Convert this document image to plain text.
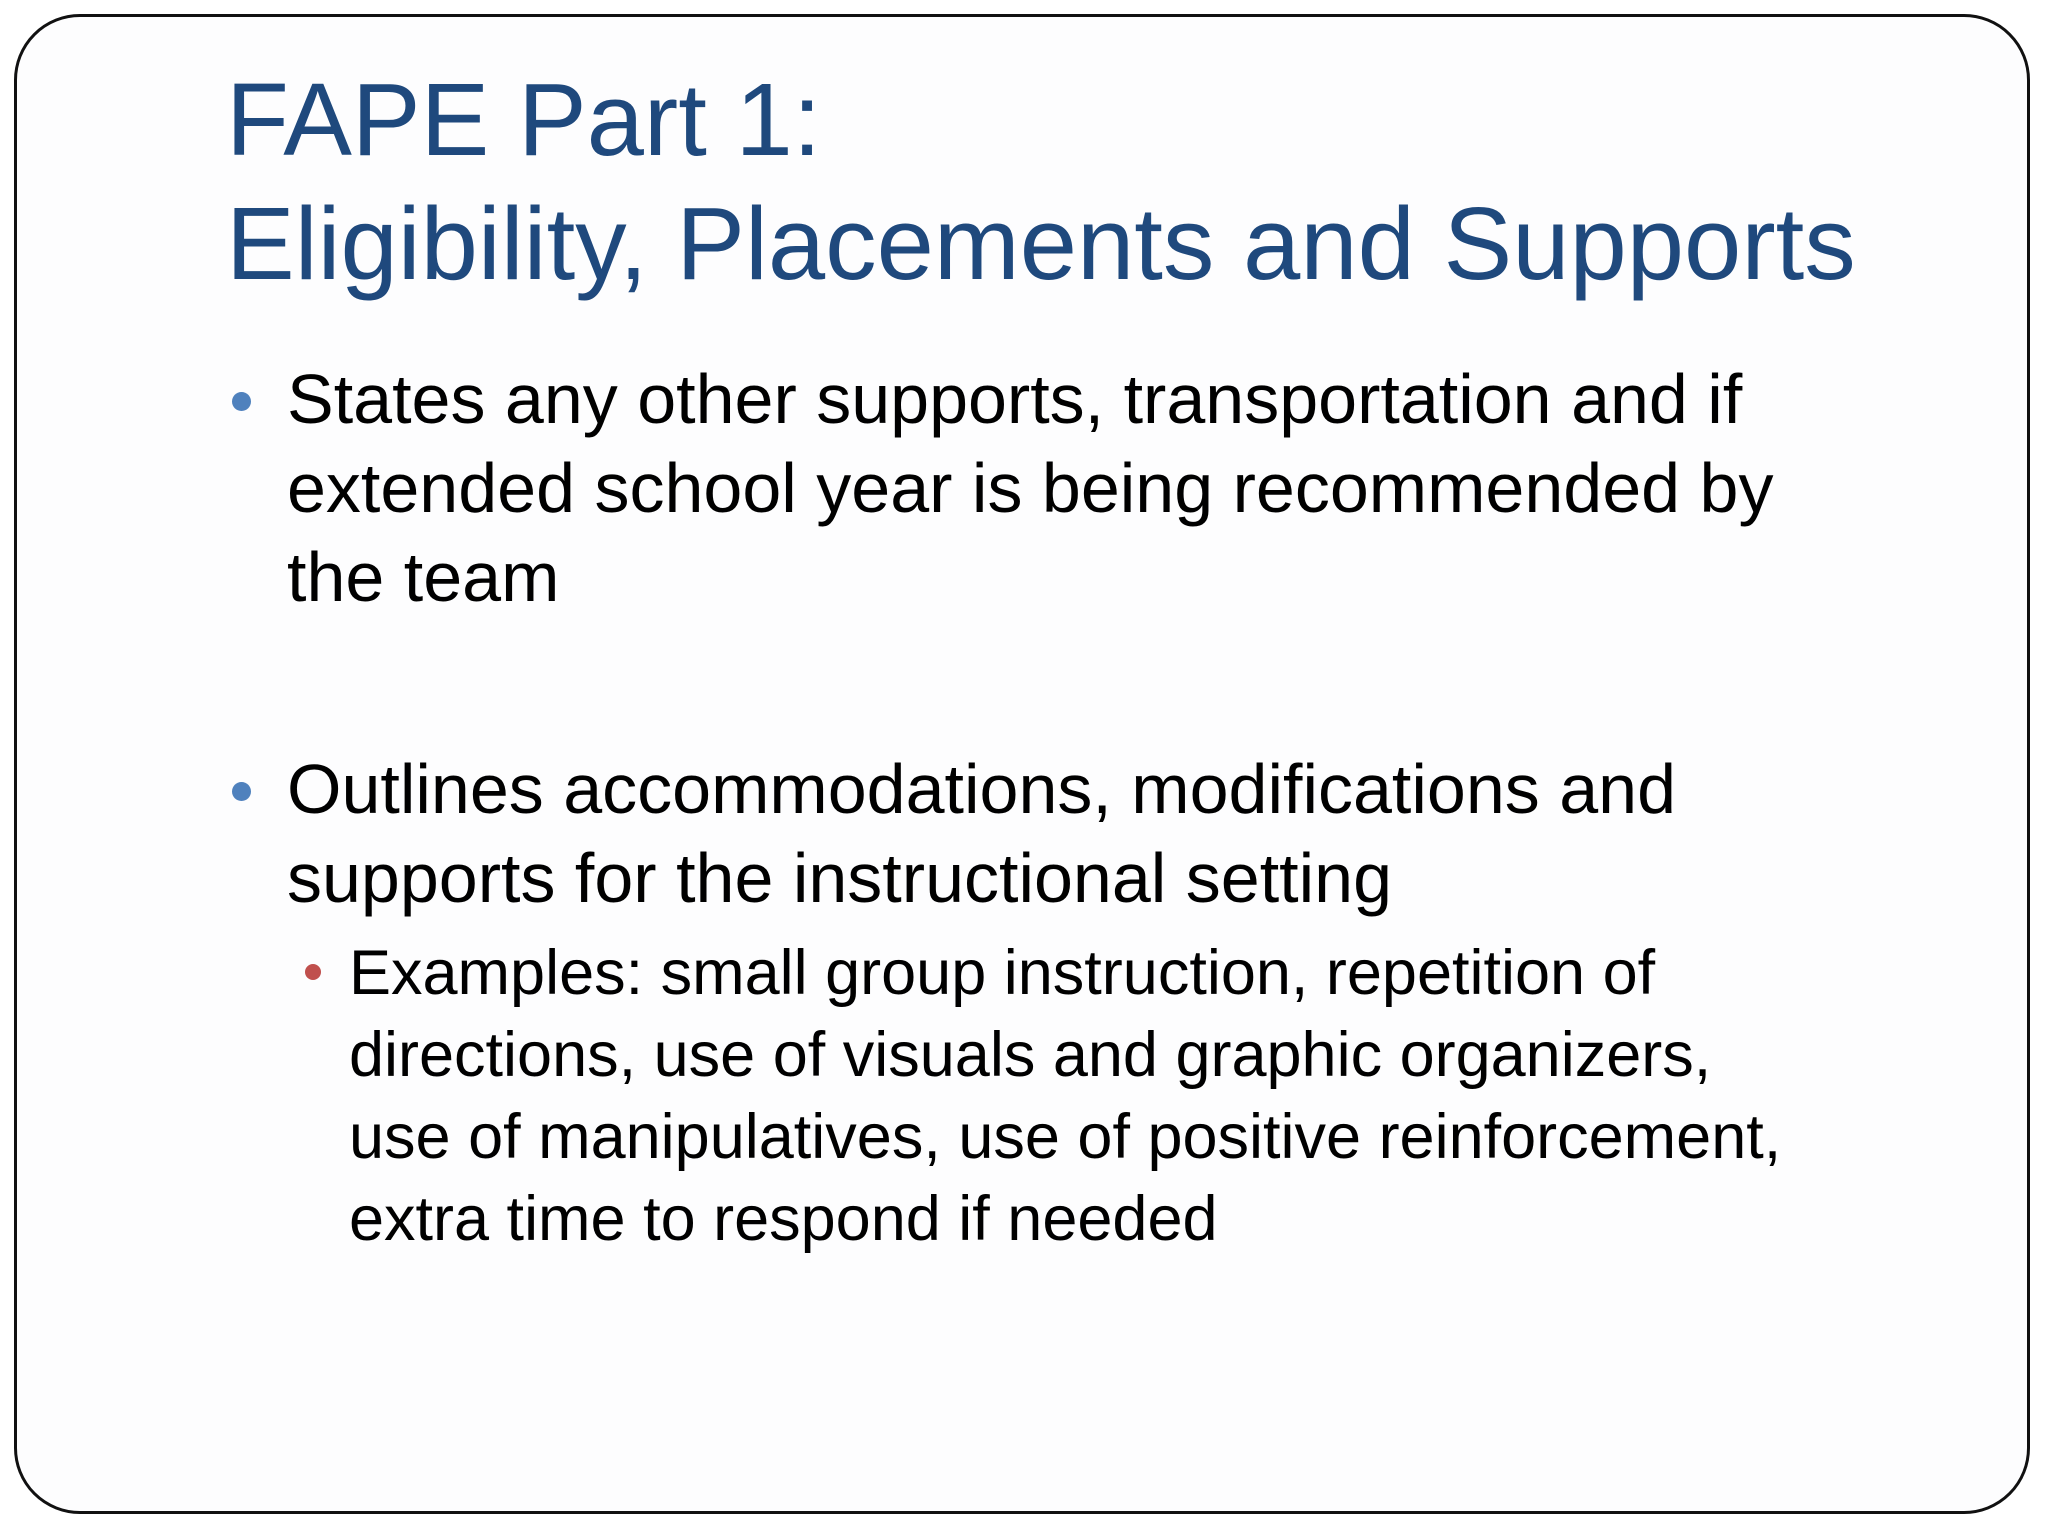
FAPE Part 1:
Eligibility, Placements and Supports
States any other supports, transportation and if
extended school year is being recommended by
the team
Outlines accommodations, modifications and
supports for the instructional setting
Examples: small group instruction, repetition of
directions, use of visuals and graphic organizers,
use of manipulatives, use of positive reinforcement,
extra time to respond if needed
